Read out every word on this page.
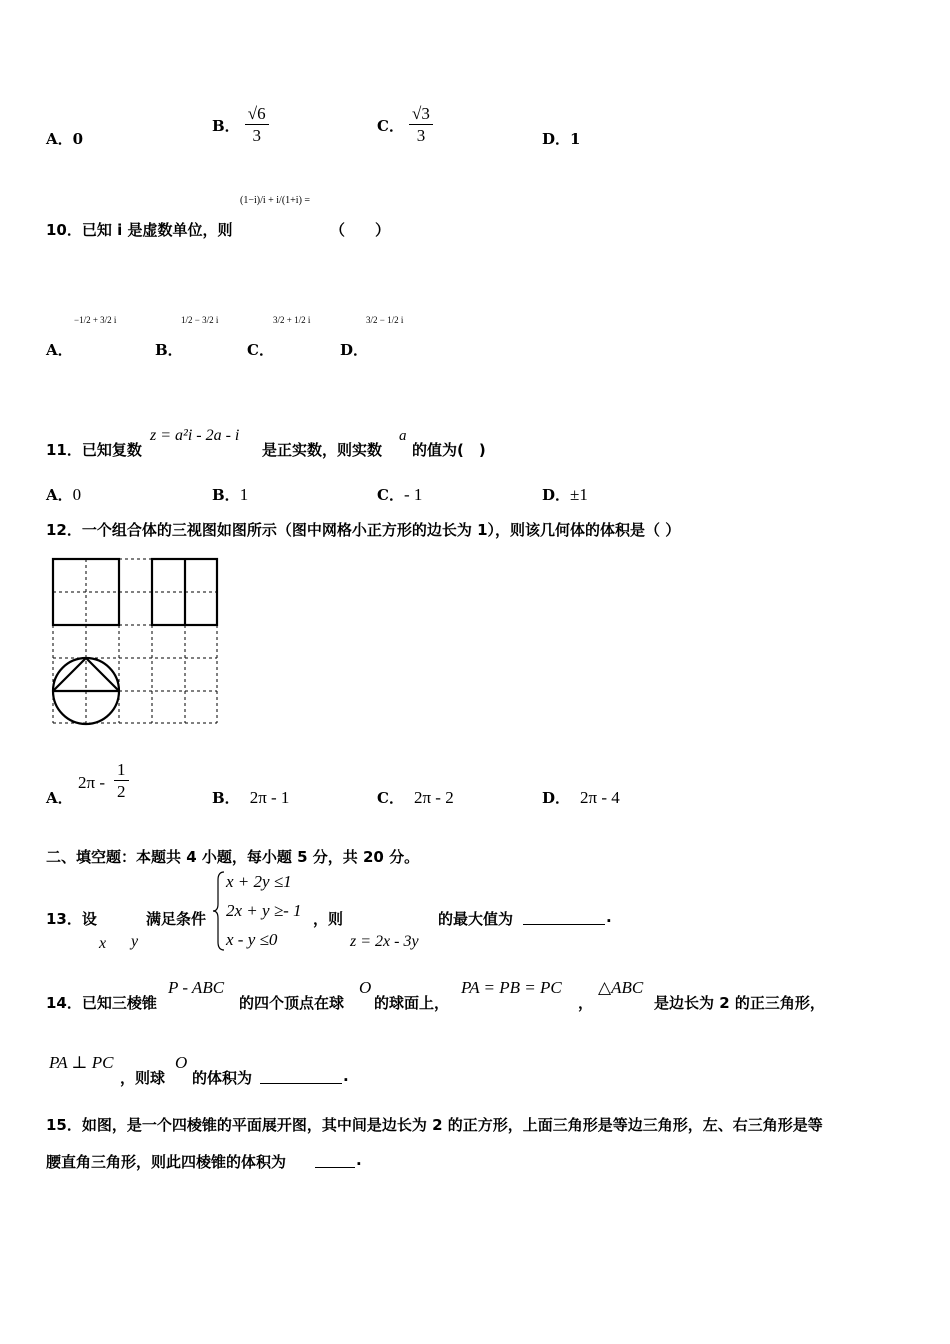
A．0
B． $\frac{√6}{3}$	C． $\frac{√3}{3}$	D．1
10．已知 i 是虚数单位，则
(1−i)/i + i/(1+i) =
（　　）
A．
−1/2 + 3/2 i
B．
1/2 − 3/2 i
C．
3/2 + 1/2 i
D．
3/2 − 1/2 i
11．已知复数
z = a²i - 2a - i
是正实数，则实数
a
的值为(　)
A．0	B．1	C．- 1	D．±1
12．一个组合体的三视图如图所示（图中网格小正方形的边长为 1），则该几何体的体积是（ ）
A．
$2\pi - \frac{1}{2}$	B． 2π - 1	C． 2π - 2	D． 2π - 4
二、填空题：本题共 4 小题，每小题 5 分，共 20 分。
13．设
x y
满足条件
x + 2y ≤1
2x + y ≥- 1
x - y ≤0
，则
z = 2x - 3y
的最大值为	.
14．已知三棱锥
P - ABC
的四个顶点在球
O
的球面上，
PA = PB = PC
，
△ABC
是边长为 2 的正三角形，
PA ⊥ PC
，则球
O
的体积为	.
15．如图，是一个四棱锥的平面展开图，其中间是边长为 2 的正方形，上面三角形是等边三角形，左、右三角形是等
腰直角三角形，则此四棱锥的体积为	.
